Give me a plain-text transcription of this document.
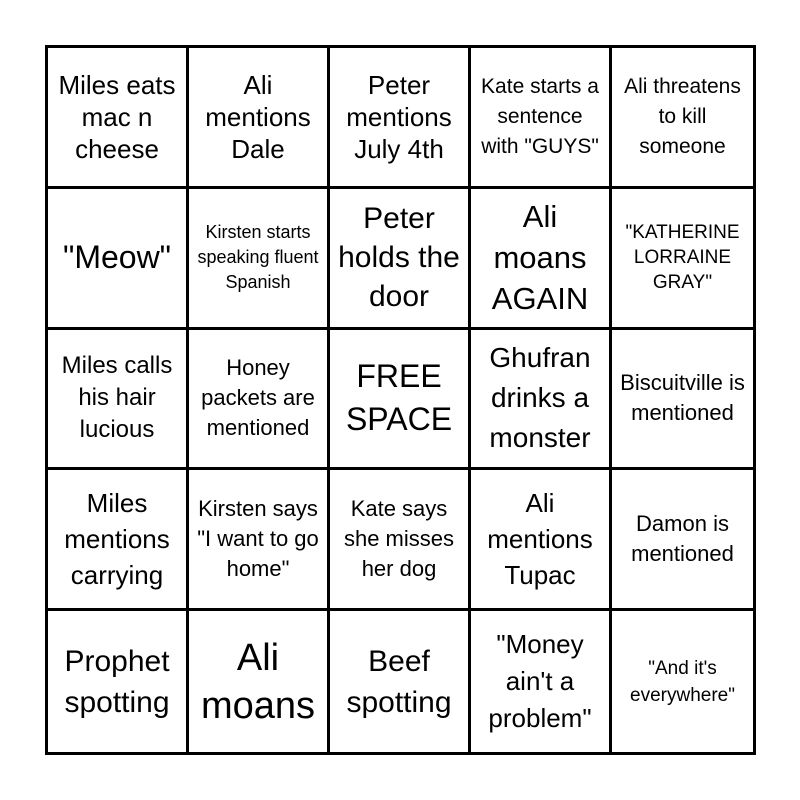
Miles eats mac n cheese
Ali mentions Dale
Peter mentions July 4th
Kate starts a sentence with "GUYS"
Ali threatens to kill someone
"Meow"
Kirsten starts speaking fluent Spanish
Peter holds the door
Ali moans AGAIN
"KATHERINE LORRAINE GRAY"
Miles calls his hair lucious
Honey packets are mentioned
FREE SPACE
Ghufran drinks a monster
Biscuitville is mentioned
Miles mentions carrying
Kirsten says "I want to go home"
Kate says she misses her dog
Ali mentions Tupac
Damon is mentioned
Prophet spotting
Ali moans
Beef spotting
"Money ain't a problem"
"And it's everywhere"
